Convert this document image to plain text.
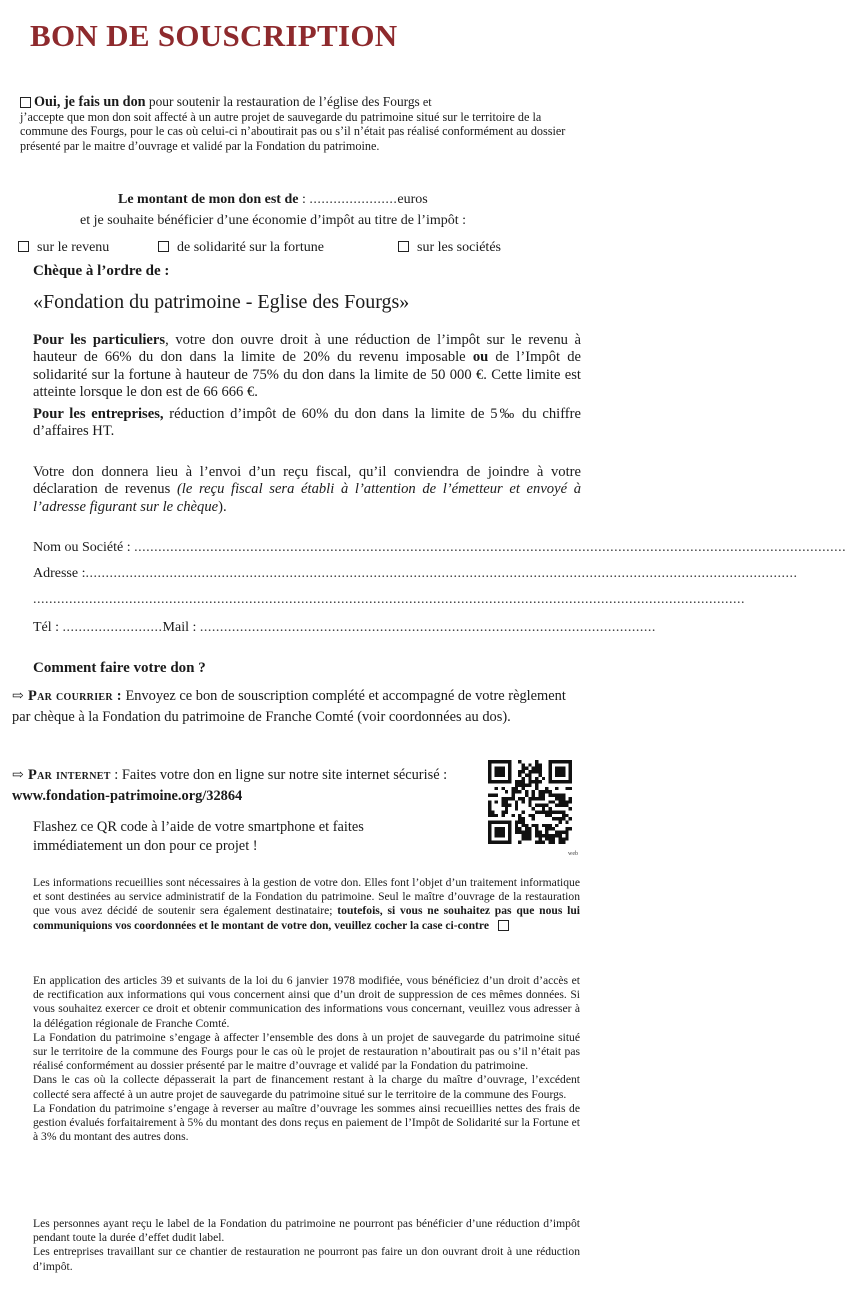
BON DE SOUSCRIPTION
Oui, je fais un don pour soutenir la restauration de l’église des Fourgs et
j’accepte que mon don soit affecté à un autre projet de sauvegarde du patrimoine situé sur le territoire de la commune des Fourgs, pour le cas où celui-ci n’aboutirait pas ou s’il n’était pas réalisé conformément au dossier présenté par le maitre d’ouvrage et validé par la Fondation du patrimoine.
Le montant de mon don est de : ......................euros
et je souhaite bénéficier d’une économie d’impôt au titre de l’impôt :
sur le revenu	de solidarité sur la fortune	sur les sociétés
Chèque à l’ordre de :
«Fondation du patrimoine - Eglise des Fourgs»
Pour les particuliers, votre don ouvre droit à une réduction de l’impôt sur le revenu à hauteur de 66% du don dans la limite de 20% du revenu imposable ou de l’Impôt de solidarité sur la fortune à hauteur de 75% du don dans la limite de 50 000 €. Cette limite est atteinte lorsque le don est de 66 666 €.
Pour les entreprises, réduction d’impôt de 60% du don dans la limite de 5‰ du chiffre d’affaires HT.
Votre don donnera lieu à l’envoi d’un reçu fiscal, qu’il conviendra de joindre à votre déclaration de revenus (le reçu fiscal sera établi à l’attention de l’émetteur et envoyé à l’adresse figurant sur le chèque).
Nom ou Société : ..................................................................................................................................................................................
Adresse :..................................................................................................................................................................................
..................................................................................................................................................................................
Tél : .........................Mail : ..................................................................................................................
Comment faire votre don ?
⇨ Par courrier : Envoyez ce bon de souscription complété et accompagné de votre règlement par chèque à la Fondation du patrimoine de Franche Comté (voir coordonnées au dos).
⇨ Par internet : Faites votre don en ligne sur notre site internet sécurisé : www.fondation-patrimoine.org/32864
Flashez ce QR code à l’aide de votre smartphone et faites immédiatement un don pour ce projet !	web
Les informations recueillies sont nécessaires à la gestion de votre don. Elles font l’objet d’un traitement informatique et sont destinées au service administratif de la Fondation du patrimoine. Seul le maître d’ouvrage de la restauration que vous avez décidé de soutenir sera également destinataire; toutefois, si vous ne souhaitez pas que nous lui communiquions vos coordonnées et le montant de votre don, veuillez cocher la case ci-contre

En application des articles 39 et suivants de la loi du 6 janvier 1978 modifiée, vous bénéficiez d’un droit d’accès et de rectification aux informations qui vous concernent ainsi que d’un droit de suppression de ces mêmes données. Si vous souhaitez exercer ce droit et obtenir communication des informations vous concernant, veuillez vous adresser à la délégation régionale de Franche Comté.

La Fondation du patrimoine s’engage à affecter l’ensemble des dons à un projet de sauvegarde du patrimoine situé sur le territoire de la commune des Fourgs pour le cas où le projet de restauration n’aboutirait pas ou s’il n’était pas réalisé conformément au dossier présenté par le maitre d’ouvrage et validé par la Fondation du patrimoine.

Dans le cas où la collecte dépasserait la part de financement restant à la charge du maître d’ouvrage, l’excédent collecté sera affecté à un autre projet de sauvegarde du patrimoine situé sur le territoire de la commune des Fourgs.

La Fondation du patrimoine s’engage à reverser au maître d’ouvrage les sommes ainsi recueillies nettes des frais de gestion évalués forfaitairement à 5% du montant des dons reçus en paiement de l’Impôt de Solidarité sur la Fortune et à 3% du montant des autres dons.

Les personnes ayant reçu le label de la Fondation du patrimoine ne pourront pas bénéficier d’une réduction d’impôt pendant toute la durée d’effet dudit label.

Les entreprises travaillant sur ce chantier de restauration ne pourront pas faire un don ouvrant droit à une réduction d’impôt.
